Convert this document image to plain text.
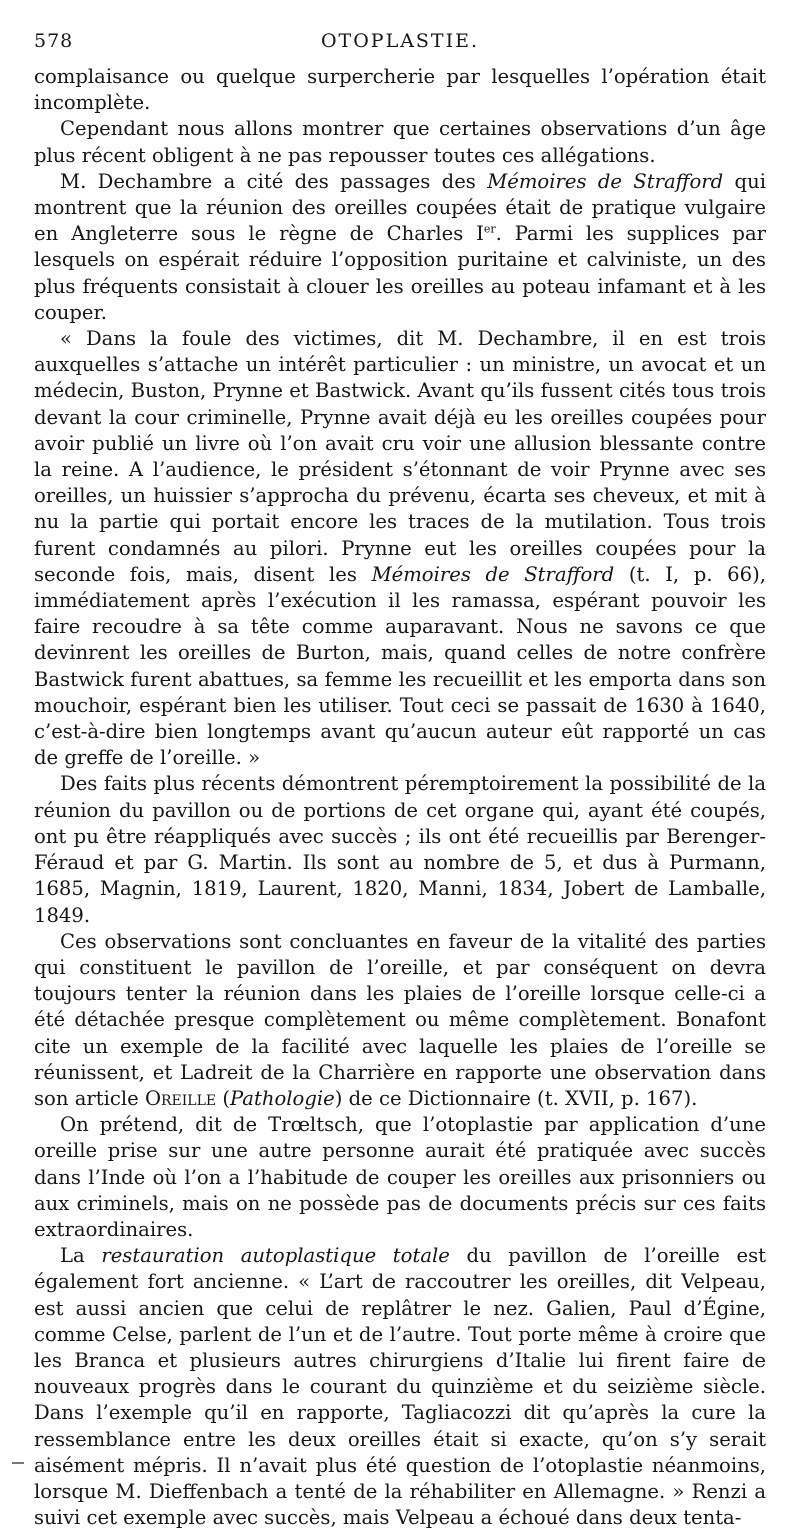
578	OTOPLASTIE.

complaisance ou quelque surpercherie par lesquelles l’opération était incomplète.

Cependant nous allons montrer que certaines observations d’un âge plus récent obligent à ne pas repousser toutes ces allégations.

M. Dechambre a cité des passages des Mémoires de Strafford qui montrent que la réunion des oreilles coupées était de pratique vulgaire en Angleterre sous le règne de Charles Ier. Parmi les supplices par lesquels on espérait réduire l’opposition puritaine et calviniste, un des plus fréquents consistait à clouer les oreilles au poteau infamant et à les couper.

« Dans la foule des victimes, dit M. Dechambre, il en est trois auxquelles s’attache un intérêt particulier : un ministre, un avocat et un médecin, Buston, Prynne et Bastwick. Avant qu’ils fussent cités tous trois devant la cour criminelle, Prynne avait déjà eu les oreilles coupées pour avoir publié un livre où l’on avait cru voir une allusion blessante contre la reine. A l’audience, le président s’étonnant de voir Prynne avec ses oreilles, un huissier s’approcha du prévenu, écarta ses cheveux, et mit à nu la partie qui portait encore les traces de la mutilation. Tous trois furent condamnés au pilori. Prynne eut les oreilles coupées pour la seconde fois, mais, disent les Mémoires de Strafford (t. I, p. 66), immédiatement après l’exécution il les ramassa, espérant pouvoir les faire recoudre à sa tête comme auparavant. Nous ne savons ce que devinrent les oreilles de Burton, mais, quand celles de notre confrère Bastwick furent abattues, sa femme les recueillit et les emporta dans son mouchoir, espérant bien les utiliser. Tout ceci se passait de 1630 à 1640, c’est-à-dire bien longtemps avant qu’aucun auteur eût rapporté un cas de greffe de l’oreille. »

Des faits plus récents démontrent péremptoirement la possibilité de la réunion du pavillon ou de portions de cet organe qui, ayant été coupés, ont pu être réappliqués avec succès ; ils ont été recueillis par Berenger-Féraud et par G. Martin. Ils sont au nombre de 5, et dus à Purmann, 1685, Magnin, 1819, Laurent, 1820, Manni, 1834, Jobert de Lamballe, 1849.

Ces observations sont concluantes en faveur de la vitalité des parties qui constituent le pavillon de l’oreille, et par conséquent on devra toujours tenter la réunion dans les plaies de l’oreille lorsque celle-ci a été détachée presque complètement ou même complètement. Bonafont cite un exemple de la facilité avec laquelle les plaies de l’oreille se réunissent, et Ladreit de la Charrière en rapporte une observation dans son article Oreille (Pathologie) de ce Dictionnaire (t. XVII, p. 167).

On prétend, dit de Trœltsch, que l’otoplastie par application d’une oreille prise sur une autre personne aurait été pratiquée avec succès dans l’Inde où l’on a l’habitude de couper les oreilles aux prisonniers ou aux criminels, mais on ne possède pas de documents précis sur ces faits extraordinaires.

La restauration autoplastique totale du pavillon de l’oreille est également fort ancienne. « L’art de raccoutrer les oreilles, dit Velpeau, est aussi ancien que celui de replâtrer le nez. Galien, Paul d’Égine, comme Celse, parlent de l’un et de l’autre. Tout porte même à croire que les Branca et plusieurs autres chirurgiens d’Italie lui firent faire de nouveaux progrès dans le courant du quinzième et du seizième siècle. Dans l’exemple qu’il en rapporte, Tagliacozzi dit qu’après la cure la ressemblance entre les deux oreilles était si exacte, qu’on s’y serait aisément mépris. Il n’avait plus été question de l’otoplastie néanmoins, lorsque M. Dieffenbach a tenté de la réhabiliter en Allemagne. » Renzi a suivi cet exemple avec succès, mais Velpeau a échoué dans deux tenta-
